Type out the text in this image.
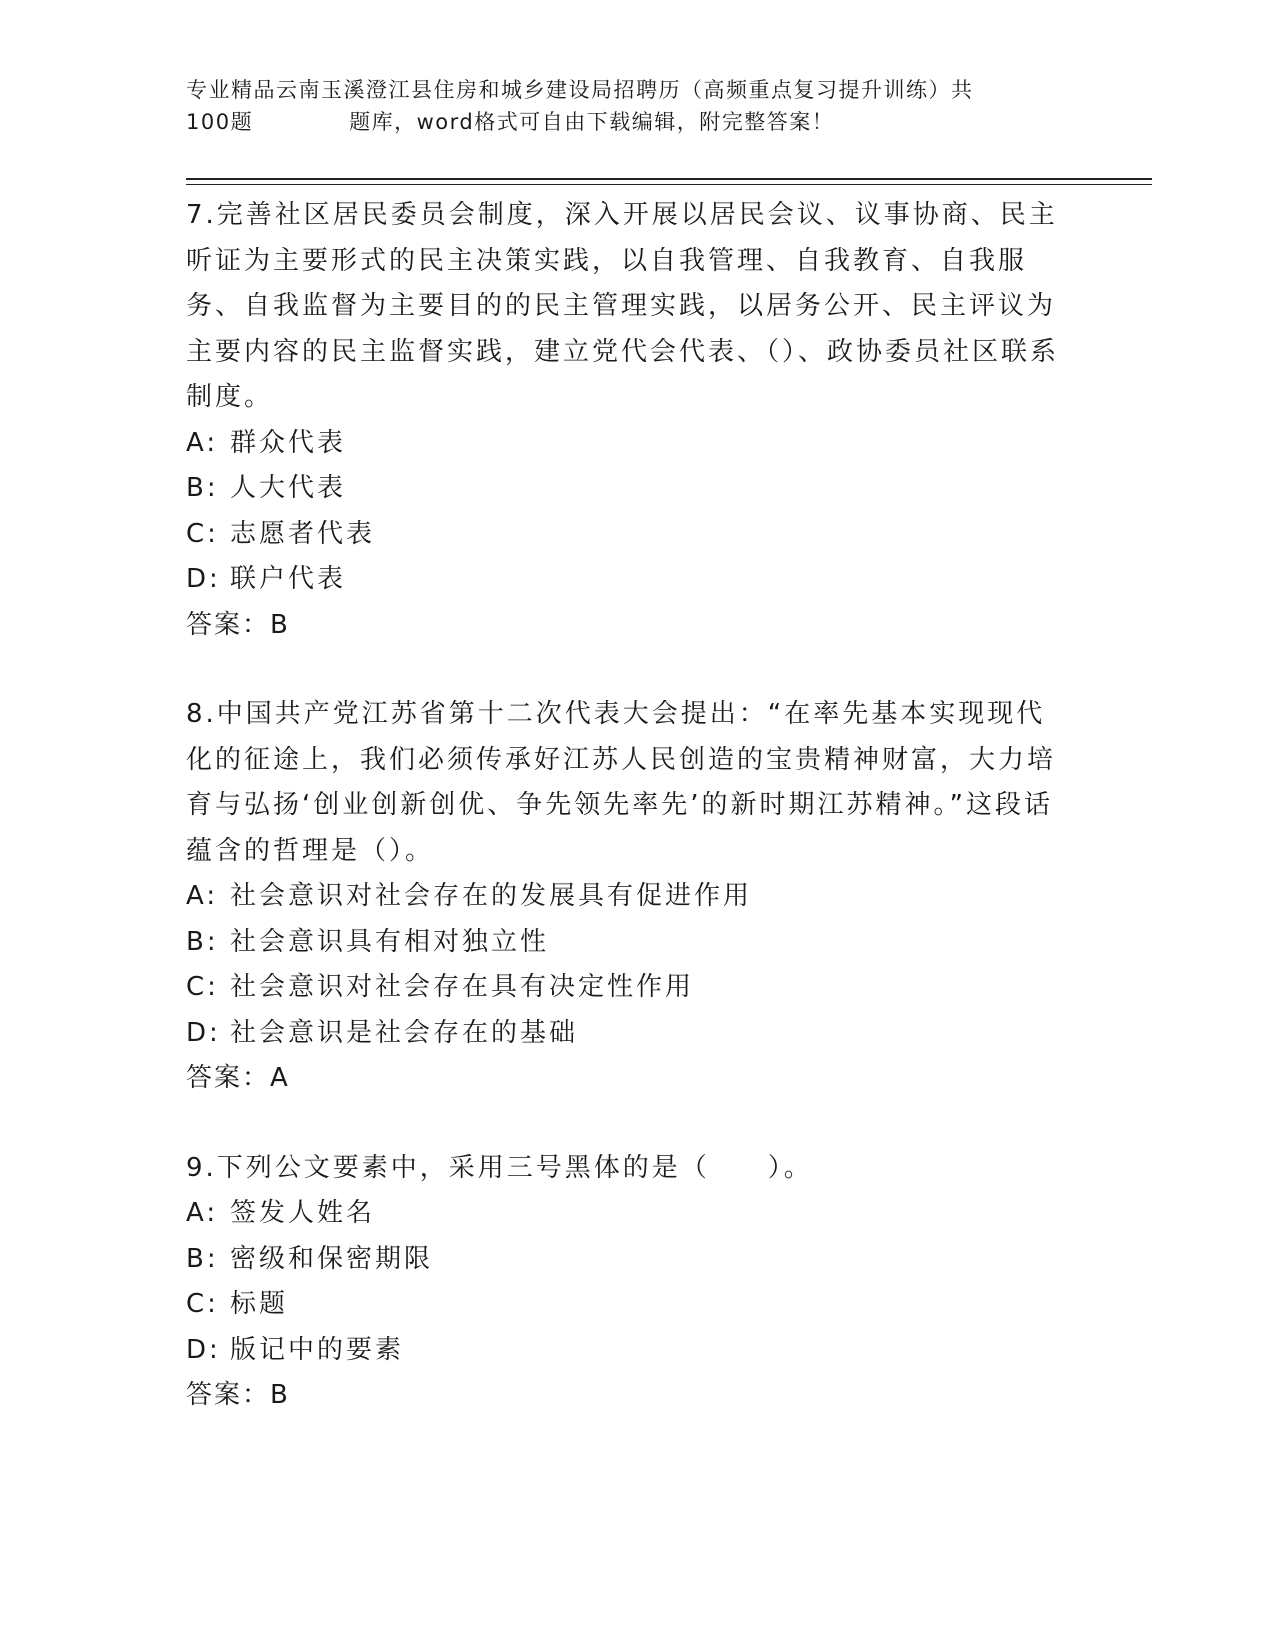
专业精品云南玉溪澄江县住房和城乡建设局招聘历（高频重点复习提升训练）共
100题	题库，word格式可自由下载编辑，附完整答案！

7.完善社区居民委员会制度，深入开展以居民会议、议事协商、民主听证为主要形式的民主决策实践，以自我管理、自我教育、自我服务、自我监督为主要目的的民主管理实践，以居务公开、民主评议为主要内容的民主监督实践，建立党代会代表、（）、政协委员社区联系制度。

A: 群众代表

B: 人大代表

C: 志愿者代表

D: 联户代表

答案：B

8.中国共产党江苏省第十二次代表大会提出：“在率先基本实现现代化的征途上，我们必须传承好江苏人民创造的宝贵精神财富，大力培育与弘扬‘创业创新创优、争先领先率先’的新时期江苏精神。”这段话蕴含的哲理是（）。

A: 社会意识对社会存在的发展具有促进作用

B: 社会意识具有相对独立性

C: 社会意识对社会存在具有决定性作用

D: 社会意识是社会存在的基础

答案：A

9.下列公文要素中，采用三号黑体的是（　　）。

A: 签发人姓名

B: 密级和保密期限

C: 标题

D: 版记中的要素

答案：B
